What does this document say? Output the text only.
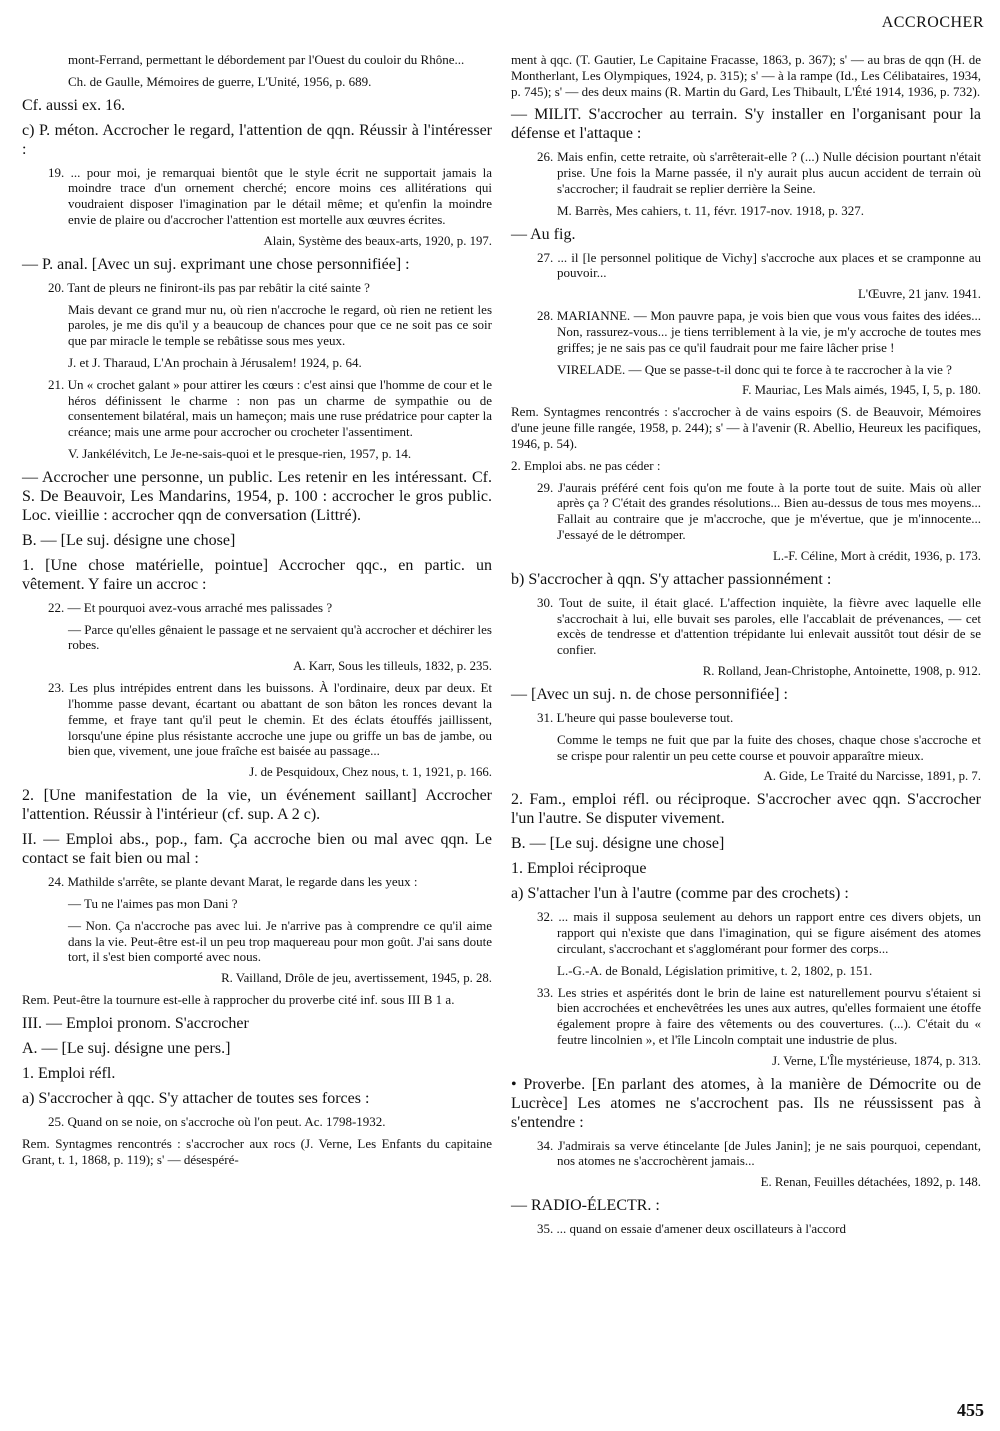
ACCROCHER

mont-Ferrand, permettant le débordement par l'Ouest du couloir du Rhône...

Ch. de Gaulle, Mémoires de guerre, L'Unité, 1956, p. 689.

Cf. aussi ex. 16.

c) P. méton. Accrocher le regard, l'attention de qqn. Réussir à l'intéresser :

19. ... pour moi, je remarquai bientôt que le style écrit ne supportait jamais la moindre trace d'un ornement cherché; encore moins ces allitérations qui voudraient disposer l'imagination par le détail même; et qu'enfin la moindre envie de plaire ou d'accrocher l'attention est mortelle aux œuvres écrites.

Alain, Système des beaux-arts, 1920, p. 197.

— P. anal. [Avec un suj. exprimant une chose personnifiée] :

20. Tant de pleurs ne finiront-ils pas par rebâtir la cité sainte ?

Mais devant ce grand mur nu, où rien n'accroche le regard, où rien ne retient les paroles, je me dis qu'il y a beaucoup de chances pour que ce ne soit pas ce soir que par miracle le temple se rebâtisse sous mes yeux.

J. et J. Tharaud, L'An prochain à Jérusalem! 1924, p. 64.

21. Un « crochet galant » pour attirer les cœurs : c'est ainsi que l'homme de cour et le héros définissent le charme : non pas un charme de sympathie ou de consentement bilatéral, mais un hameçon; mais une ruse prédatrice pour capter la créance; mais une arme pour accrocher ou crocheter l'assentiment.

V. Jankélévitch, Le Je-ne-sais-quoi et le presque-rien, 1957, p. 14.

— Accrocher une personne, un public. Les retenir en les intéressant. Cf. S. De Beauvoir, Les Mandarins, 1954, p. 100 : accrocher le gros public. Loc. vieillie : accrocher qqn de conversation (Littré).

B. — [Le suj. désigne une chose]

1. [Une chose matérielle, pointue] Accrocher qqc., en partic. un vêtement. Y faire un accroc :

22. — Et pourquoi avez-vous arraché mes palissades ?

— Parce qu'elles gênaient le passage et ne servaient qu'à accrocher et déchirer les robes.

A. Karr, Sous les tilleuls, 1832, p. 235.

23. Les plus intrépides entrent dans les buissons. À l'ordinaire, deux par deux. Et l'homme passe devant, écartant ou abattant de son bâton les ronces devant la femme, et fraye tant qu'il peut le chemin. Et des éclats étouffés jaillissent, lorsqu'une épine plus résistante accroche une jupe ou griffe un bas de jambe, ou bien que, vivement, une joue fraîche est baisée au passage...

J. de Pesquidoux, Chez nous, t. 1, 1921, p. 166.

2. [Une manifestation de la vie, un événement saillant] Accrocher l'attention. Réussir à l'intérieur (cf. sup. A 2 c).

II. — Emploi abs., pop., fam. Ça accroche bien ou mal avec qqn. Le contact se fait bien ou mal :

24. Mathilde s'arrête, se plante devant Marat, le regarde dans les yeux :

— Tu ne l'aimes pas mon Dani ?

— Non. Ça n'accroche pas avec lui. Je n'arrive pas à comprendre ce qu'il aime dans la vie. Peut-être est-il un peu trop maquereau pour mon goût. J'ai sans doute tort, il s'est bien comporté avec nous.

R. Vailland, Drôle de jeu, avertissement, 1945, p. 28.

Rem. Peut-être la tournure est-elle à rapprocher du proverbe cité inf. sous III B 1 a.

III. — Emploi pronom. S'accrocher

A. — [Le suj. désigne une pers.]

1. Emploi réfl.

a) S'accrocher à qqc. S'y attacher de toutes ses forces :

25. Quand on se noie, on s'accroche où l'on peut. Ac. 1798-1932.

Rem. Syntagmes rencontrés : s'accrocher aux rocs (J. Verne, Les Enfants du capitaine Grant, t. 1, 1868, p. 119); s' — désespéré-

ment à qqc. (T. Gautier, Le Capitaine Fracasse, 1863, p. 367); s' — au bras de qqn (H. de Montherlant, Les Olympiques, 1924, p. 315); s' — à la rampe (Id., Les Célibataires, 1934, p. 745); s' — des deux mains (R. Martin du Gard, Les Thibault, L'Été 1914, 1936, p. 732).

— MILIT. S'accrocher au terrain. S'y installer en l'organisant pour la défense et l'attaque :

26. Mais enfin, cette retraite, où s'arrêterait-elle ? (...) Nulle décision pourtant n'était prise. Une fois la Marne passée, il n'y aurait plus aucun accident de terrain où s'accrocher; il faudrait se replier derrière la Seine.

M. Barrès, Mes cahiers, t. 11, févr. 1917-nov. 1918, p. 327.

— Au fig.

27. ... il [le personnel politique de Vichy] s'accroche aux places et se cramponne au pouvoir...

L'Œuvre, 21 janv. 1941.

28. MARIANNE. — Mon pauvre papa, je vois bien que vous vous faites des idées... Non, rassurez-vous... je tiens terriblement à la vie, je m'y accroche de toutes mes griffes; je ne sais pas ce qu'il faudrait pour me faire lâcher prise !

VIRELADE. — Que se passe-t-il donc qui te force à te raccrocher à la vie ?

F. Mauriac, Les Mals aimés, 1945, I, 5, p. 180.

Rem. Syntagmes rencontrés : s'accrocher à de vains espoirs (S. de Beauvoir, Mémoires d'une jeune fille rangée, 1958, p. 244); s' — à l'avenir (R. Abellio, Heureux les pacifiques, 1946, p. 54).

2. Emploi abs. ne pas céder :

29. J'aurais préféré cent fois qu'on me foute à la porte tout de suite. Mais où aller après ça ? C'était des grandes résolutions... Bien au-dessus de tous mes moyens... Fallait au contraire que je m'accroche, que je m'évertue, que je m'innocente... J'essayé de le détromper.

L.-F. Céline, Mort à crédit, 1936, p. 173.

b) S'accrocher à qqn. S'y attacher passionnément :

30. Tout de suite, il était glacé. L'affection inquiète, la fièvre avec laquelle elle s'accrochait à lui, elle buvait ses paroles, elle l'accablait de prévenances, — cet excès de tendresse et d'attention trépidante lui enlevait aussitôt tout désir de se confier.

R. Rolland, Jean-Christophe, Antoinette, 1908, p. 912.

— [Avec un suj. n. de chose personnifiée] :

31. L'heure qui passe bouleverse tout.

Comme le temps ne fuit que par la fuite des choses, chaque chose s'accroche et se crispe pour ralentir un peu cette course et pouvoir apparaître mieux.

A. Gide, Le Traité du Narcisse, 1891, p. 7.

2. Fam., emploi réfl. ou réciproque. S'accrocher avec qqn. S'accrocher l'un l'autre. Se disputer vivement.

B. — [Le suj. désigne une chose]

1. Emploi réciproque

a) S'attacher l'un à l'autre (comme par des crochets) :

32. ... mais il supposa seulement au dehors un rapport entre ces divers objets, un rapport qui n'existe que dans l'imagination, qui se figure aisément des atomes circulant, s'accrochant et s'agglomérant pour former des corps...

L.-G.-A. de Bonald, Législation primitive, t. 2, 1802, p. 151.

33. Les stries et aspérités dont le brin de laine est naturellement pourvu s'étaient si bien accrochées et enchevêtrées les unes aux autres, qu'elles formaient une étoffe également propre à faire des vêtements ou des couvertures. (...). C'était du « feutre lincolnien », et l'île Lincoln comptait une industrie de plus.

J. Verne, L'Île mystérieuse, 1874, p. 313.

• Proverbe. [En parlant des atomes, à la manière de Démocrite ou de Lucrèce] Les atomes ne s'accrochent pas. Ils ne réussissent pas à s'entendre :

34. J'admirais sa verve étincelante [de Jules Janin]; je ne sais pourquoi, cependant, nos atomes ne s'accrochèrent jamais...

E. Renan, Feuilles détachées, 1892, p. 148.

— RADIO-ÉLECTR. :

35. ... quand on essaie d'amener deux oscillateurs à l'accord

455
